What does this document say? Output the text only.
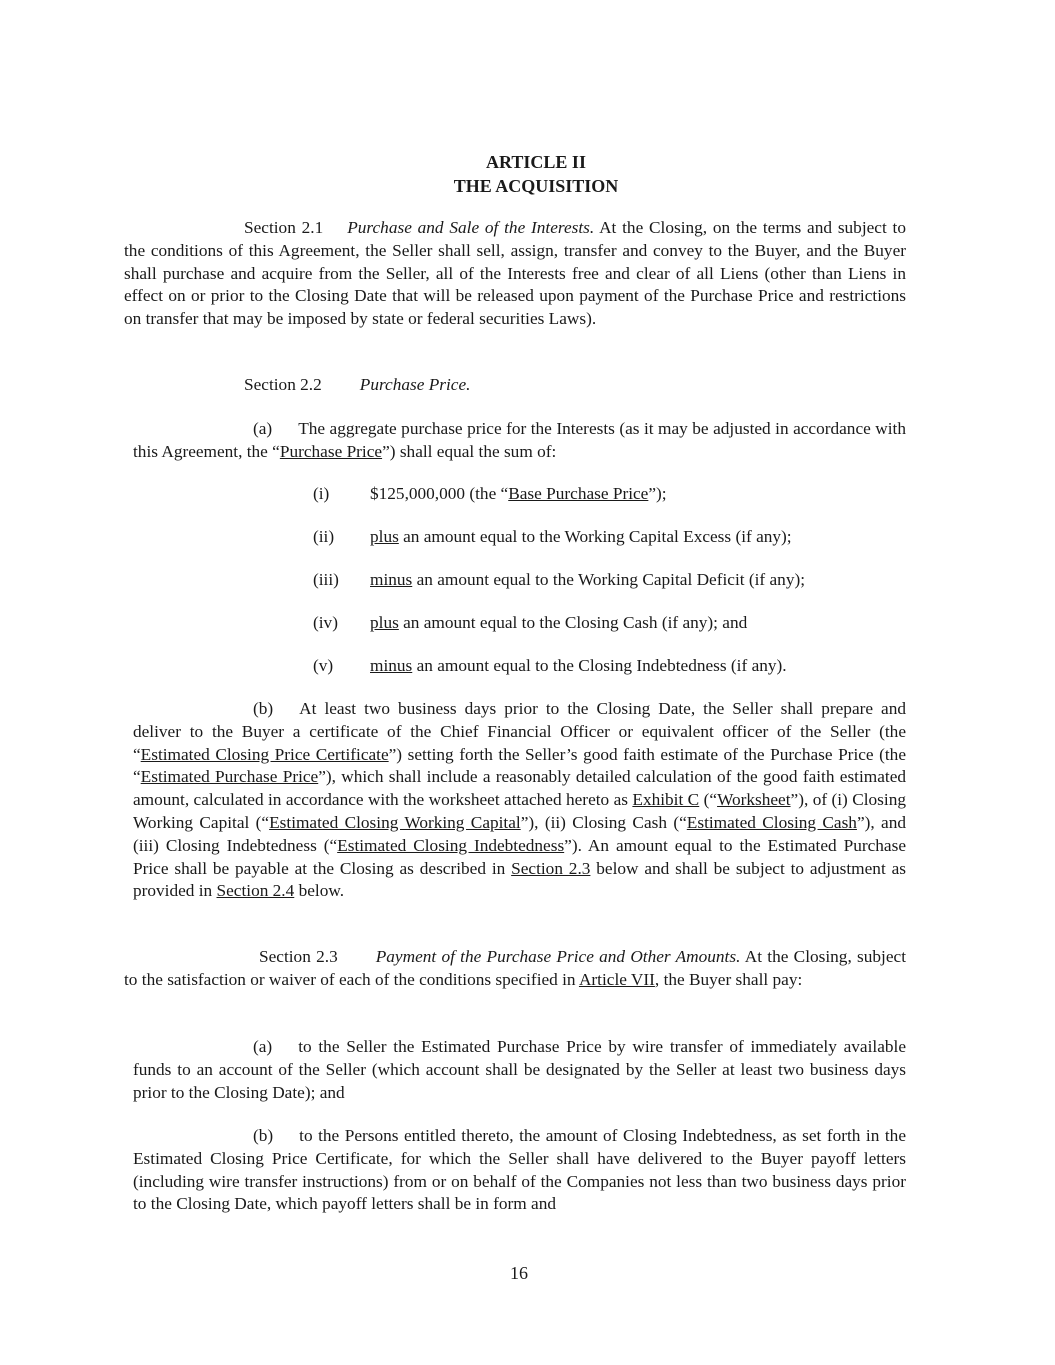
ARTICLE II
THE ACQUISITION
Section 2.1 Purchase and Sale of the Interests. At the Closing, on the terms and subject to the conditions of this Agreement, the Seller shall sell, assign, transfer and convey to the Buyer, and the Buyer shall purchase and acquire from the Seller, all of the Interests free and clear of all Liens (other than Liens in effect on or prior to the Closing Date that will be released upon payment of the Purchase Price and restrictions on transfer that may be imposed by state or federal securities Laws).
Section 2.2 Purchase Price.
(a) The aggregate purchase price for the Interests (as it may be adjusted in accordance with this Agreement, the “Purchase Price”) shall equal the sum of:
(i) $125,000,000 (the “Base Purchase Price”);
(ii) plus an amount equal to the Working Capital Excess (if any);
(iii) minus an amount equal to the Working Capital Deficit (if any);
(iv) plus an amount equal to the Closing Cash (if any); and
(v) minus an amount equal to the Closing Indebtedness (if any).
(b) At least two business days prior to the Closing Date, the Seller shall prepare and deliver to the Buyer a certificate of the Chief Financial Officer or equivalent officer of the Seller (the “Estimated Closing Price Certificate”) setting forth the Seller’s good faith estimate of the Purchase Price (the “Estimated Purchase Price”), which shall include a reasonably detailed calculation of the good faith estimated amount, calculated in accordance with the worksheet attached hereto as Exhibit C (“Worksheet”), of (i) Closing Working Capital (“Estimated Closing Working Capital”), (ii) Closing Cash (“Estimated Closing Cash”), and (iii) Closing Indebtedness (“Estimated Closing Indebtedness”). An amount equal to the Estimated Purchase Price shall be payable at the Closing as described in Section 2.3 below and shall be subject to adjustment as provided in Section 2.4 below.
Section 2.3 Payment of the Purchase Price and Other Amounts. At the Closing, subject to the satisfaction or waiver of each of the conditions specified in Article VII, the Buyer shall pay:
(a) to the Seller the Estimated Purchase Price by wire transfer of immediately available funds to an account of the Seller (which account shall be designated by the Seller at least two business days prior to the Closing Date); and
(b) to the Persons entitled thereto, the amount of Closing Indebtedness, as set forth in the Estimated Closing Price Certificate, for which the Seller shall have delivered to the Buyer payoff letters (including wire transfer instructions) from or on behalf of the Companies not less than two business days prior to the Closing Date, which payoff letters shall be in form and
16
